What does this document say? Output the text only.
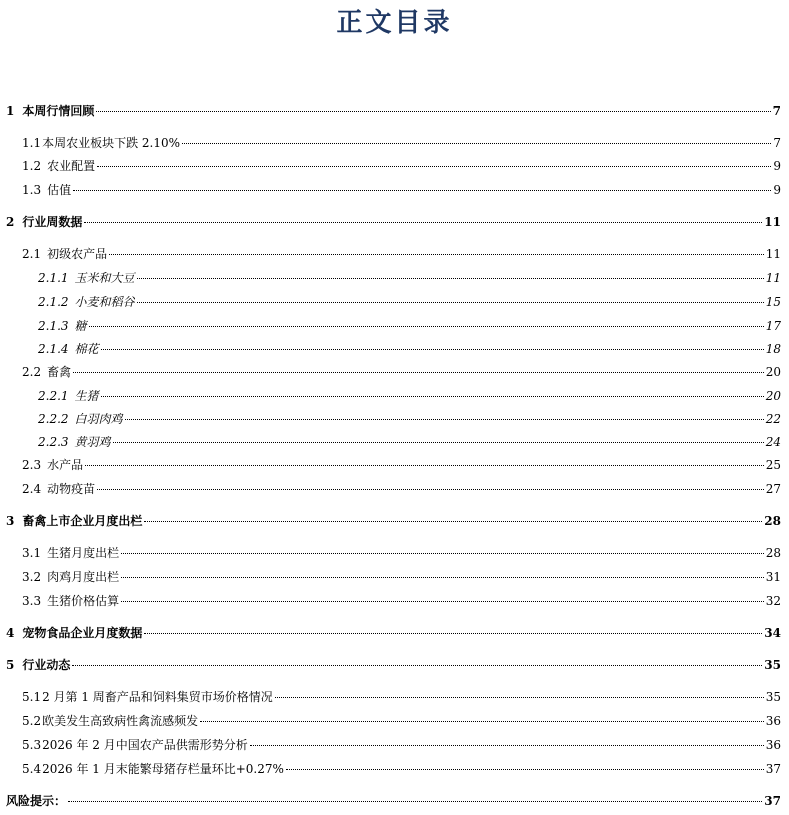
正文目录
1 本周行情回顾	7
1.1 本周农业板块下跌 2.10%	7
1.2 农业配置	9
1.3 估值	9
2 行业周数据	11
2.1 初级农产品	11
2.1.1 玉米和大豆	11
2.1.2 小麦和稻谷	15
2.1.3 糖	17
2.1.4 棉花	18
2.2 畜禽	20
2.2.1 生猪	20
2.2.2 白羽肉鸡	22
2.2.3 黄羽鸡	24
2.3 水产品	25
2.4 动物疫苗	27
3 畜禽上市企业月度出栏	28
3.1 生猪月度出栏	28
3.2 肉鸡月度出栏	31
3.3 生猪价格估算	32
4 宠物食品企业月度数据	34
5 行业动态	35
5.1 2 月第 1 周畜产品和饲料集贸市场价格情况	35
5.2 欧美发生高致病性禽流感频发	36
5.3 2026 年 2 月中国农产品供需形势分析	36
5.4 2026 年 1 月末能繁母猪存栏量环比+0.27%	37
风险提示：	37
